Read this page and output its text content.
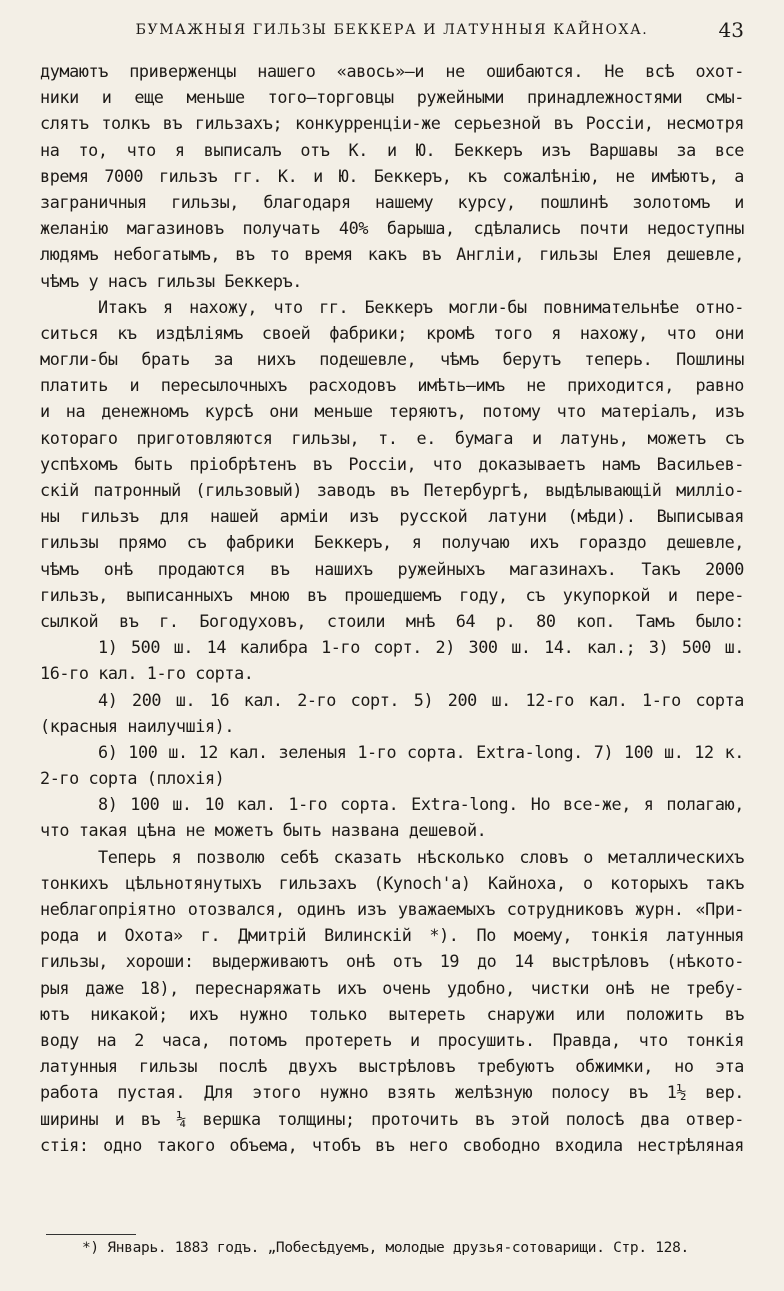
БУМАЖНЫЯ ГИЛЬЗЫ БЕККЕРА И ЛАТУННЫЯ КАЙНОХА.	43
думаютъ приверженцы нашего «авось»—и не ошибаются. Не всѣ охот-
ники и еще меньше того—торговцы ружейными принадлежностями смы-
слятъ толкъ въ гильзахъ; конкурренціи-же серьезной въ Россіи, несмотря
на то, что я выписалъ отъ К. и Ю. Беккеръ изъ Варшавы за все
время 7000 гильзъ гг. К. и Ю. Беккеръ, къ сожалѣнію, не имѣютъ, а
заграничныя гильзы, благодаря нашему курсу, пошлинѣ золотомъ и
желанію магазиновъ получать 40% барыша, сдѣлались почти недоступны
людямъ небогатымъ, въ то время какъ въ Англіи, гильзы Елея дешевле,
чѣмъ у насъ гильзы Беккеръ.
Итакъ я нахожу, что гг. Беккеръ могли-бы повнимательнѣе отно-
ситься къ издѣліямъ своей фабрики; кромѣ того я нахожу, что они
могли-бы брать за нихъ подешевле, чѣмъ берутъ теперь. Пошлины
платить и пересылочныхъ расходовъ имѣть—имъ не приходится, равно
и на денежномъ курсѣ они меньше теряютъ, потому что матеріалъ, изъ
котораго приготовляются гильзы, т. е. бумага и латунь, можетъ съ
успѣхомъ быть пріобрѣтенъ въ Россіи, что доказываетъ намъ Васильев-
скій патронный (гильзовый) заводъ въ Петербургѣ, выдѣлывающій милліо-
ны гильзъ для нашей арміи изъ русской латуни (мѣди). Выписывая
гильзы прямо съ фабрики Беккеръ, я получаю ихъ гораздо дешевле,
чѣмъ онѣ продаются въ нашихъ ружейныхъ магазинахъ. Такъ 2000
гильзъ, выписанныхъ мною въ прошедшемъ году, съ укупоркой и пере-
сылкой въ г. Богодуховъ, стоили мнѣ 64 р. 80 коп. Тамъ было:
1) 500 ш. 14 калибра 1-го сорт. 2) 300 ш. 14. кал.; 3) 500 ш.
16-го кал. 1-го сорта.
4) 200 ш. 16 кал. 2-го сорт. 5) 200 ш. 12-го кал. 1-го сорта
(красныя наилучшія).
6) 100 ш. 12 кал. зеленыя 1-го сорта. Extra-long. 7) 100 ш. 12 к.
2-го сорта (плохія)
8) 100 ш. 10 кал. 1-го сорта. Extra-long. Но все-же, я полагаю,
что такая цѣна не можетъ быть названа дешевой.
Теперь я позволю себѣ сказать нѣсколько словъ о металлическихъ
тонкихъ цѣльнотянутыхъ гильзахъ (Kynoch'а) Кайноха, о которыхъ такъ
неблагопріятно отозвался, одинъ изъ уважаемыхъ сотрудниковъ журн. «При-
рода и Охота» г. Дмитрій Вилинскій *). По моему, тонкія латунныя
гильзы, хороши: выдерживаютъ онѣ отъ 19 до 14 выстрѣловъ (нѣкото-
рыя даже 18), переснаряжать ихъ очень удобно, чистки онѣ не требу-
ютъ никакой; ихъ нужно только вытереть снаружи или положить въ
воду на 2 часа, потомъ протереть и просушить. Правда, что тонкія
латунныя гильзы послѣ двухъ выстрѣловъ требуютъ обжимки, но эта
работа пустая. Для этого нужно взять желѣзную полосу въ 1½ вер.
ширины и въ ¼ вершка толщины; проточить въ этой полосѣ два отвер-
стія: одно такого объема, чтобъ въ него свободно входила нестрѣляная
*) Январь. 1883 годъ. „Побесѣдуемъ, молодые друзья-сотоварищи. Стр. 128.
